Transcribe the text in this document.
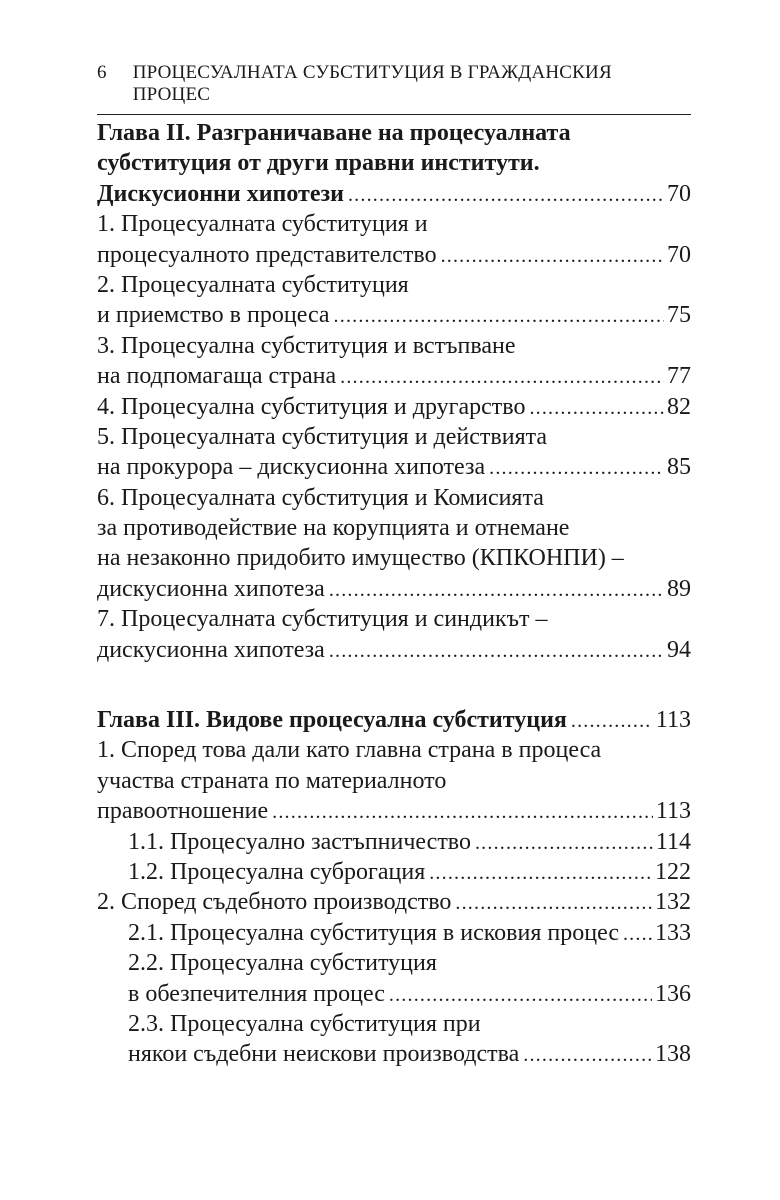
6 ПРОЦЕСУАЛНАТА СУБСТИТУЦИЯ В ГРАЖДАНСКИЯ ПРОЦЕС
Глава II. Разграничаване на процесуалната
субституция от други правни институти.
Дискусионни хипотези .....	70
1. Процесуалната субституция и
процесуалното представителство .....	70
2. Процесуалната субституция
и приемство в процеса .....	75
3. Процесуална субституция и встъпване
на подпомагаща страна .....	77
4. Процесуална субституция и другарство .....	82
5. Процесуалната субституция и действията
на прокурора – дискусионна хипотеза .....	85
6. Процесуалната субституция и Комисията
за противодействие на корупцията и отнемане
на незаконно придобито имущество (КПКОНПИ) –
дискусионна хипотеза .....	89
7. Процесуалната субституция и синдикът –
дискусионна хипотеза .....	94
Глава III. Видове процесуална субституция .....	113
1. Според това дали като главна страна в процеса
участва страната по материалното
правоотношение .....	113
1.1. Процесуално застъпничество .....	114
1.2. Процесуална суброгация .....	122
2. Според съдебното производство .....	132
2.1. Процесуална субституция в исковия процес ..... 133
2.2. Процесуална субституция
в обезпечителния процес .....	136
2.3. Процесуална субституция при
някои съдебни неискови производства .....	138
